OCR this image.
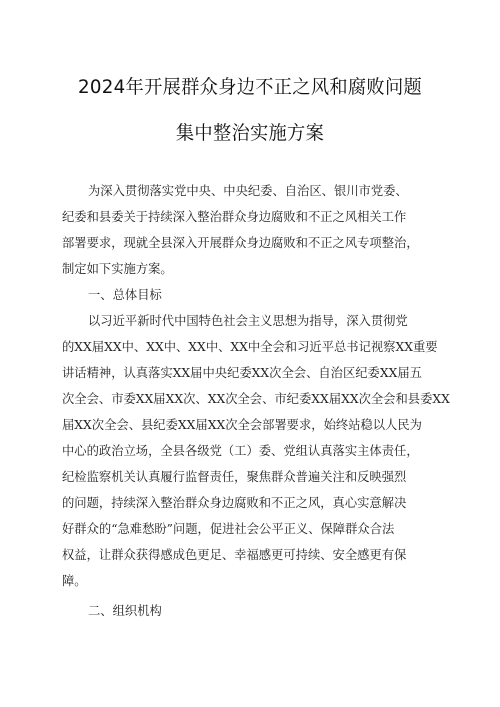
2024年开展群众身边不正之风和腐败问题
集中整治实施方案
为深入贯彻落实党中央、中央纪委、自治区、银川市党委、
纪委和县委关于持续深入整治群众身边腐败和不正之风相关工作
部署要求，现就全县深入开展群众身边腐败和不正之风专项整治，
制定如下实施方案。
一、总体目标
以习近平新时代中国特色社会主义思想为指导，深入贯彻党
的XX届XX中、XX中、XX中、XX中全会和习近平总书记视察XX重要
讲话精神，认真落实XX届中央纪委XX次全会、自治区纪委XX届五
次全会、市委XX届XX次、XX次全会、市纪委XX届XX次全会和县委XX
届XX次全会、县纪委XX届XX次全会部署要求，始终站稳以人民为
中心的政治立场，全县各级党（工）委、党组认真落实主体责任，
纪检监察机关认真履行监督责任，聚焦群众普遍关注和反映强烈
的问题，持续深入整治群众身边腐败和不正之风，真心实意解决
好群众的“急难愁盼”问题，促进社会公平正义、保障群众合法
权益，让群众获得感成色更足、幸福感更可持续、安全感更有保
障。
二、组织机构
